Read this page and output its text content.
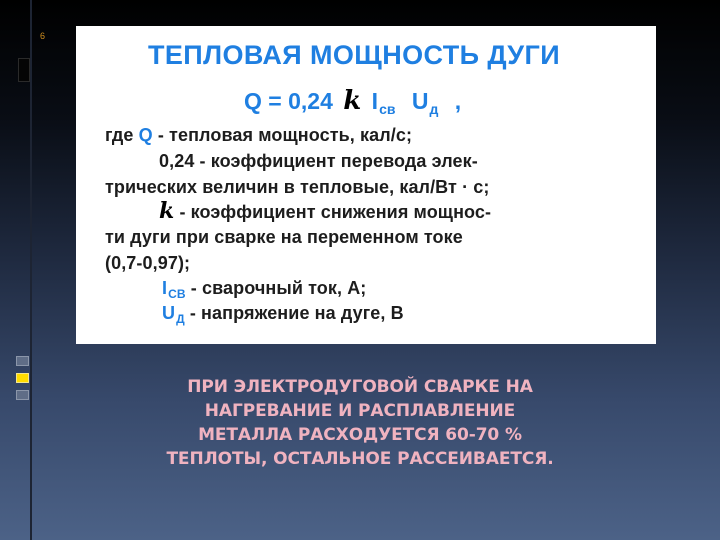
6
ТЕПЛОВАЯ МОЩНОСТЬ ДУГИ
Q = 0,24 k $I_{св}$ $U_д$ ,
где Q - тепловая мощность, кал/с;
0,24 - коэффициент перевода элек-
трических величин в тепловые, кал/Вт · с;
k - коэффициент снижения мощнос-
ти дуги при сварке на переменном токе
(0,7-0,97);
$I_{СВ}$ - сварочный ток, А;
$U_Д$ - напряжение на дуге, В
ПРИ ЭЛЕКТРОДУГОВОЙ СВАРКЕ НА
НАГРЕВАНИЕ И РАСПЛАВЛЕНИЕ
МЕТАЛЛА РАСХОДУЕТСЯ 60-70 %
ТЕПЛОТЫ, ОСТАЛЬНОЕ РАССЕИВАЕТСЯ.
